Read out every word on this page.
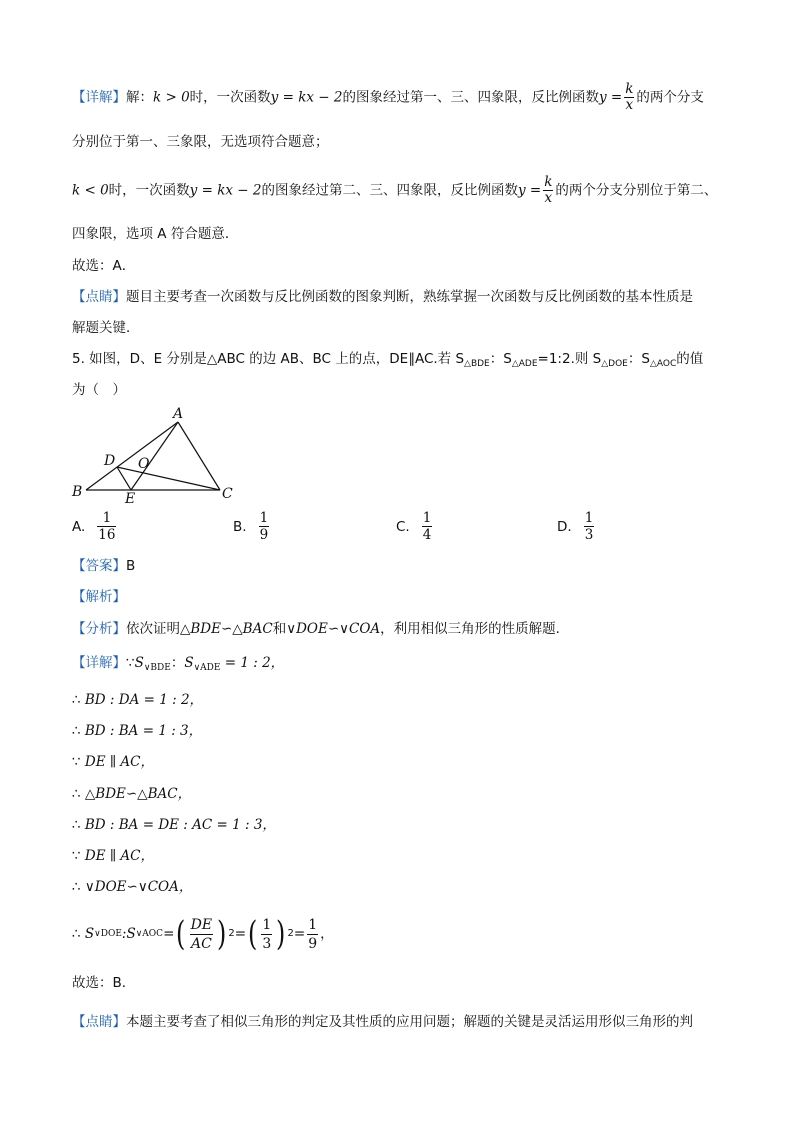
【详解】解：k > 0时，一次函数y = kx − 2的图象经过第一、三、四象限，反比例函数$y = \frac{k}{x}$ 的两个分支
分别位于第一、三象限，无选项符合题意；
k < 0时，一次函数y = kx − 2的图象经过第二、三、四象限，反比例函数$y = \frac{k}{x}$ 的两个分支分别位于第二、
四象限，选项 A 符合题意．
故选：A．
【点睛】题目主要考查一次函数与反比例函数的图象判断，熟练掌握一次函数与反比例函数的基本性质是
解题关键．
5. 如图，D、E 分别是△ABC 的边 AB、BC 上的点，DE∥AC.若 $S_{\triangle BDE}$：$S_{\triangle ADE}=1:2$.则 $S_{\triangle DOE}$：$S_{\triangle AOC}$的值
为（　）
A
B	C
D
E
O
A. $\frac{1}{16}$	B. $\frac{1}{9}$	C. $\frac{1}{4}$	D. $\frac{1}{3}$
【答案】B
【解析】
【分析】依次证明△BDE∽△BAC和∨DOE∽∨COA，利用相似三角形的性质解题.
【详解】$\because S_{\vee BDE}$：$S_{\vee ADE} = 1$ : 2，
∴ BD : DA = 1 : 2，
∴ BD : BA = 1 : 3，
∵ DE ∥ AC，
∴ △BDE∽△BAC，
∴ BD : BA = DE : AC = 1 : 3，
∵ DE ∥ AC，
∴ ∨DOE∽∨COA，
∴
S ∨DOE : S ∨AOC = ( $\frac{DE}{AC}$ ) 2 = ( $\frac{1}{3}$ ) $2 = \frac{1}{9}$ ，
故选：B．
【点睛】本题主要考查了相似三角形的判定及其性质的应用问题；解题的关键是灵活运用形似三角形的判
